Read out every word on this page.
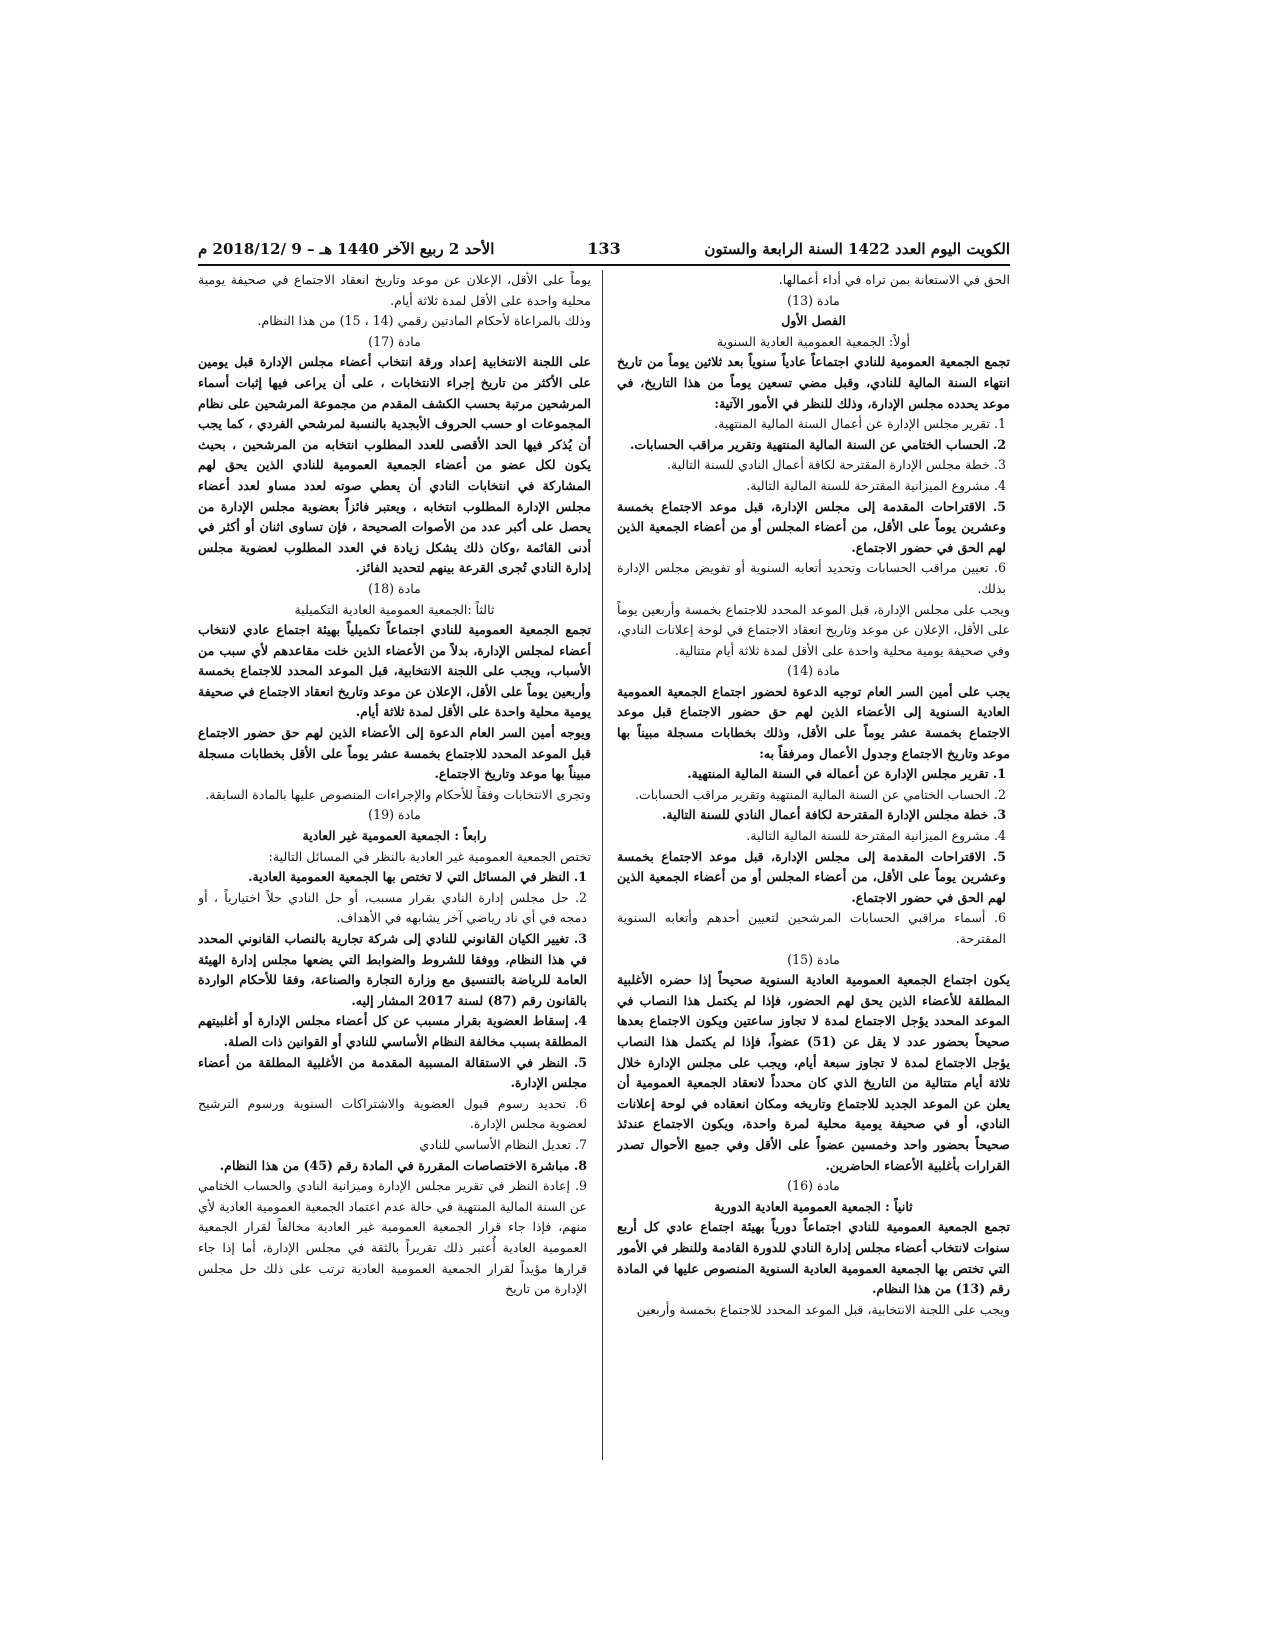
الكويت اليوم العدد 1422 السنة الرابعة والستون
133
الأحد 2 ربيع الآخر 1440 هـ – 9 /2018/12 م

الحق في الاستعانة بمن تراه في أداء أعمالها.

مادة (13)

الفصل الأول

أولاً: الجمعية العمومية العادية السنوية

تجمع الجمعية العمومية للنادي اجتماعاً عادياً سنوياً بعد ثلاثين يوماً من تاريخ انتهاء السنة المالية للنادي، وقبل مضي تسعين يوماً من هذا التاريخ، في موعد يحدده مجلس الإدارة، وذلك للنظر في الأمور الآتية:

1. تقرير مجلس الإدارة عن أعمال السنة المالية المنتهية.

2. الحساب الختامي عن السنة المالية المنتهية وتقرير مراقب الحسابات.

3. خطة مجلس الإدارة المقترحة لكافة أعمال النادي للسنة التالية.

4. مشروع الميزانية المقترحة للسنة المالية التالية.

5. الاقتراحات المقدمة إلى مجلس الإدارة، قبل موعد الاجتماع بخمسة وعشرين يوماً على الأقل، من أعضاء المجلس أو من أعضاء الجمعية الذين لهم الحق في حضور الاجتماع.

6. تعيين مراقب الحسابات وتحديد أتعابه السنوية أو تفويض مجلس الإدارة بذلك.

ويجب على مجلس الإدارة، قبل الموعد المحدد للاجتماع بخمسة وأربعين يوماً على الأقل، الإعلان عن موعد وتاريخ انعقاد الاجتماع في لوحة إعلانات النادي، وفي صحيفة يومية محلية واحدة على الأقل لمدة ثلاثة أيام متتالية.

مادة (14)

يجب على أمين السر العام توجيه الدعوة لحضور اجتماع الجمعية العمومية العادية السنوية إلى الأعضاء الذين لهم حق حضور الاجتماع قبل موعد الاجتماع بخمسة عشر يوماً على الأقل، وذلك بخطابات مسجلة مبيناً بها موعد وتاريخ الاجتماع وجدول الأعمال ومرفقاً به:

1. تقرير مجلس الإدارة عن أعماله في السنة المالية المنتهية.

2. الحساب الختامي عن السنة المالية المنتهية وتقرير مراقب الحسابات.

3. خطة مجلس الإدارة المقترحة لكافة أعمال النادي للسنة التالية.

4. مشروع الميزانية المقترحة للسنة المالية التالية.

5. الاقتراحات المقدمة إلى مجلس الإدارة، قبل موعد الاجتماع بخمسة وعشرين يوماً على الأقل، من أعضاء المجلس أو من أعضاء الجمعية الذين لهم الحق في حضور الاجتماع.

6. أسماء مراقبي الحسابات المرشحين لتعيين أحدهم وأتعابه السنوية المقترحة.

مادة (15)

يكون اجتماع الجمعية العمومية العادية السنوية صحيحاً إذا حضره الأغلبية المطلقة للأعضاء الذين يحق لهم الحضور، فإذا لم يكتمل هذا النصاب في الموعد المحدد يؤجل الاجتماع لمدة لا تجاوز ساعتين ويكون الاجتماع بعدها صحيحاً بحضور عدد لا يقل عن (51) عضواً، فإذا لم يكتمل هذا النصاب يؤجل الاجتماع لمدة لا تجاوز سبعة أيام، ويجب على مجلس الإدارة خلال ثلاثة أيام متتالية من التاريخ الذي كان محدداً لانعقاد الجمعية العمومية أن يعلن عن الموعد الجديد للاجتماع وتاريخه ومكان انعقاده في لوحة إعلانات النادي، أو في صحيفة يومية محلية لمرة واحدة، ويكون الاجتماع عندئذ صحيحاً بحضور واحد وخمسين عضواً على الأقل وفي جميع الأحوال تصدر القرارات بأغلبية الأعضاء الحاضرين.

مادة (16)

ثانياً : الجمعية العمومية العادية الدورية

تجمع الجمعية العمومية للنادي اجتماعاً دورياً بهيئة اجتماع عادي كل أربع سنوات لانتخاب أعضاء مجلس إدارة النادي للدورة القادمة وللنظر في الأمور التي تختص بها الجمعية العمومية العادية السنوية المنصوص عليها في المادة رقم (13) من هذا النظام.

ويجب على اللجنة الانتخابية، قبل الموعد المحدد للاجتماع بخمسة وأربعين

يوماً على الأقل، الإعلان عن موعد وتاريخ انعقاد الاجتماع في صحيفة يومية محلية واحدة على الأقل لمدة ثلاثة أيام.

وذلك بالمراعاة لأحكام المادتين رقمي (14 ، 15) من هذا النظام.

مادة (17)

على اللجنة الانتخابية إعداد ورقة انتخاب أعضاء مجلس الإدارة قبل يومين على الأكثر من تاريخ إجراء الانتخابات ، على أن يراعى فيها إثبات أسماء المرشحين مرتبة بحسب الكشف المقدم من مجموعة المرشحين على نظام المجموعات او حسب الحروف الأبجدية بالنسبة لمرشحي الفردي ، كما يجب أن يُذكر فيها الحد الأقصى للعدد المطلوب انتخابه من المرشحين ، بحيث يكون لكل عضو من أعضاء الجمعية العمومية للنادي الذين يحق لهم المشاركة في انتخابات النادي أن يعطي صوته لعدد مساو لعدد أعضاء مجلس الإدارة المطلوب انتخابه ، ويعتبر فائزاً بعضوية مجلس الإدارة من يحصل على أكبر عدد من الأصوات الصحيحة ، فإن تساوى اثنان أو أكثر في أدنى القائمة ،وكان ذلك يشكل زيادة في العدد المطلوب لعضوية مجلس إدارة النادي تُجرى القرعة بينهم لتحديد الفائز.

مادة (18)

ثالثاً :الجمعية العمومية العادية التكميلية

تجمع الجمعية العمومية للنادي اجتماعاً تكميلياً بهيئة اجتماع عادي لانتخاب أعضاء لمجلس الإدارة، بدلاً من الأعضاء الذين خلت مقاعدهم لأي سبب من الأسباب، ويجب على اللجنة الانتخابية، قبل الموعد المحدد للاجتماع بخمسة وأربعين يوماً على الأقل، الإعلان عن موعد وتاريخ انعقاد الاجتماع في صحيفة يومية محلية واحدة على الأقل لمدة ثلاثة أيام.

ويوجه أمين السر العام الدعوة إلى الأعضاء الذين لهم حق حضور الاجتماع قبل الموعد المحدد للاجتماع بخمسة عشر يوماً على الأقل بخطابات مسجلة مبيناً بها موعد وتاريخ الاجتماع.

وتجرى الانتخابات وفقاً للأحكام والإجراءات المنصوص عليها بالمادة السابقة.

مادة (19)

رابعاً : الجمعية العمومية غير العادية

تختص الجمعية العمومية غير العادية بالنظر في المسائل التالية:

1. النظر في المسائل التي لا تختص بها الجمعية العمومية العادية.

2. حل مجلس إدارة النادي بقرار مسبب، أو حل النادي حلاً اختيارياً ، أو دمجه في أي ناد رياضي آخر يشابهه في الأهداف.

3. تغيير الكيان القانوني للنادي إلى شركة تجارية بالنصاب القانوني المحدد في هذا النظام، ووفقا للشروط والضوابط التي يضعها مجلس إدارة الهيئة العامة للرياضة بالتنسيق مع وزارة التجارة والصناعة، وفقا للأحكام الواردة بالقانون رقم (87) لسنة 2017 المشار إليه.

4. إسقاط العضوية بقرار مسبب عن كل أعضاء مجلس الإدارة أو أغلبيتهم المطلقة بسبب مخالفة النظام الأساسي للنادي أو القوانين ذات الصلة.

5. النظر في الاستقالة المسببة المقدمة من الأغلبية المطلقة من أعضاء مجلس الإدارة.

6. تحديد رسوم قبول العضوية والاشتراكات السنوية ورسوم الترشيح لعضوية مجلس الإدارة.

7. تعديل النظام الأساسي للنادي

8. مباشرة الاختصاصات المقررة في المادة رقم (45) من هذا النظام.

9. إعادة النظر في تقرير مجلس الإدارة وميزانية النادي والحساب الختامي عن السنة المالية المنتهية في حالة عدم اعتماد الجمعية العمومية العادية لأي منهم، فإذا جاء قرار الجمعية العمومية غير العادية مخالفاً لقرار الجمعية العمومية العادية أُعتبر ذلك تقريراً بالثقة في مجلس الإدارة، أما إذا جاء قرارها مؤيداً لقرار الجمعية العمومية العادية ترتب على ذلك حل مجلس الإدارة من تاريخ
